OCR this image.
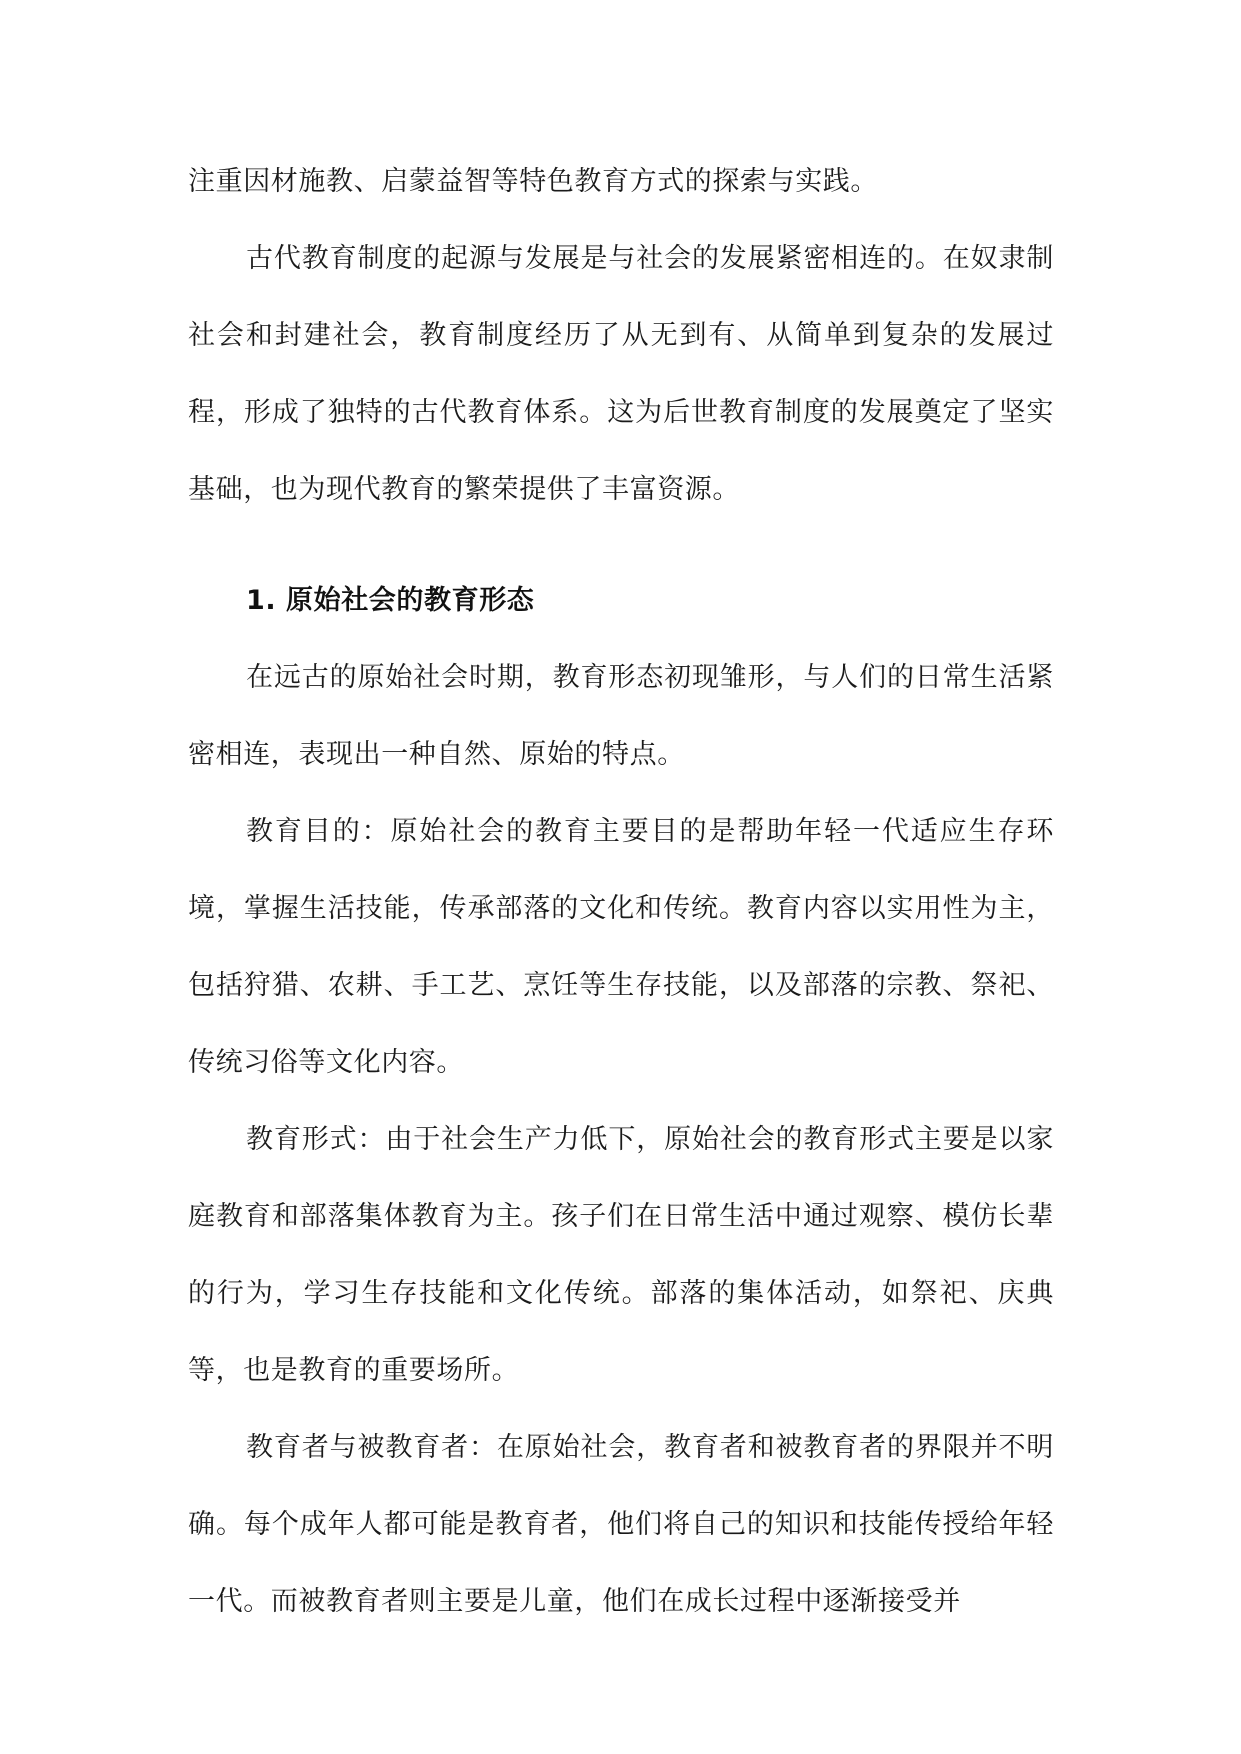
注重因材施教、启蒙益智等特色教育方式的探索与实践。

古代教育制度的起源与发展是与社会的发展紧密相连的。在奴隶制社会和封建社会，教育制度经历了从无到有、从简单到复杂的发展过程，形成了独特的古代教育体系。这为后世教育制度的发展奠定了坚实基础，也为现代教育的繁荣提供了丰富资源。

1. 原始社会的教育形态

在远古的原始社会时期，教育形态初现雏形，与人们的日常生活紧密相连，表现出一种自然、原始的特点。

教育目的：原始社会的教育主要目的是帮助年轻一代适应生存环境，掌握生活技能，传承部落的文化和传统。教育内容以实用性为主，包括狩猎、农耕、手工艺、烹饪等生存技能，以及部落的宗教、祭祀、传统习俗等文化内容。

教育形式：由于社会生产力低下，原始社会的教育形式主要是以家庭教育和部落集体教育为主。孩子们在日常生活中通过观察、模仿长辈的行为，学习生存技能和文化传统。部落的集体活动，如祭祀、庆典等，也是教育的重要场所。

教育者与被教育者：在原始社会，教育者和被教育者的界限并不明确。每个成年人都可能是教育者，他们将自己的知识和技能传授给年轻一代。而被教育者则主要是儿童，他们在成长过程中逐渐接受并
